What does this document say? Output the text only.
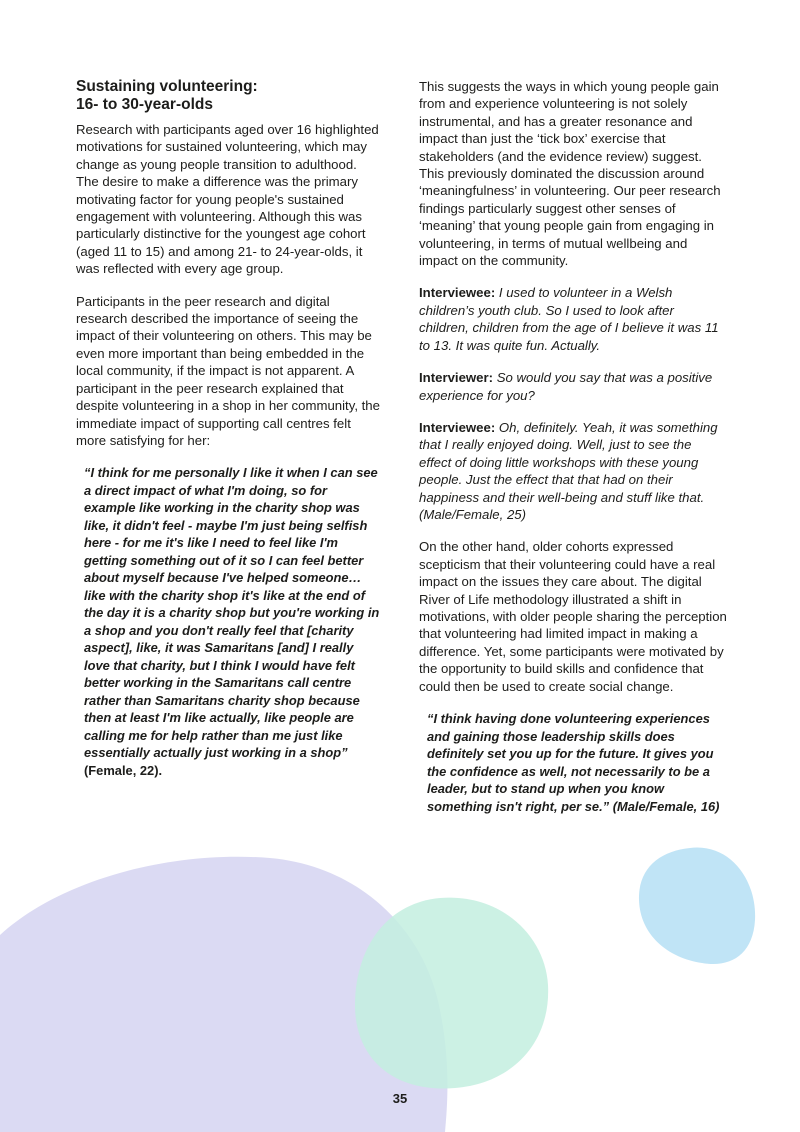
Sustaining volunteering:
16- to 30-year-olds

Research with participants aged over 16 highlighted motivations for sustained volunteering, which may change as young people transition to adulthood. The desire to make a difference was the primary motivating factor for young people's sustained engagement with volunteering. Although this was particularly distinctive for the youngest age cohort (aged 11 to 15) and among 21- to 24-year-olds, it was reflected with every age group.

Participants in the peer research and digital research described the importance of seeing the impact of their volunteering on others. This may be even more important than being embedded in the local community, if the impact is not apparent. A participant in the peer research explained that despite volunteering in a shop in her community, the immediate impact of supporting call centres felt more satisfying for her:

“I think for me personally I like it when I can see a direct impact of what I'm doing, so for example like working in the charity shop was like, it didn't feel - maybe I'm just being selfish here - for me it's like I need to feel like I'm getting something out of it so I can feel better about myself because I've helped someone… like with the charity shop it's like at the end of the day it is a charity shop but you're working in a shop and you don't really feel that [charity aspect], like, it was Samaritans [and] I really love that charity, but I think I would have felt better working in the Samaritans call centre rather than Samaritans charity shop because then at least I'm like actually, like people are calling me for help rather than me just like essentially actually just working in a shop” (Female, 22).

This suggests the ways in which young people gain from and experience volunteering is not solely instrumental, and has a greater resonance and impact than just the ‘tick box’ exercise that stakeholders (and the evidence review) suggest. This previously dominated the discussion around ‘meaningfulness’ in volunteering. Our peer research findings particularly suggest other senses of ‘meaning’ that young people gain from engaging in volunteering, in terms of mutual wellbeing and impact on the community.

Interviewee: I used to volunteer in a Welsh children’s youth club. So I used to look after children, children from the age of I believe it was 11 to 13. It was quite fun. Actually.

Interviewer: So would you say that was a positive experience for you?

Interviewee: Oh, definitely. Yeah, it was something that I really enjoyed doing. Well, just to see the effect of doing little workshops with these young people. Just the effect that that had on their happiness and their well-being and stuff like that. (Male/Female, 25)

On the other hand, older cohorts expressed scepticism that their volunteering could have a real impact on the issues they care about. The digital River of Life methodology illustrated a shift in motivations, with older people sharing the perception that volunteering had limited impact in making a difference. Yet, some participants were motivated by the opportunity to build skills and confidence that could then be used to create social change.

“I think having done volunteering experiences and gaining those leadership skills does definitely set you up for the future. It gives you the confidence as well, not necessarily to be a leader, but to stand up when you know something isn't right, per se.” (Male/Female, 16)

35
